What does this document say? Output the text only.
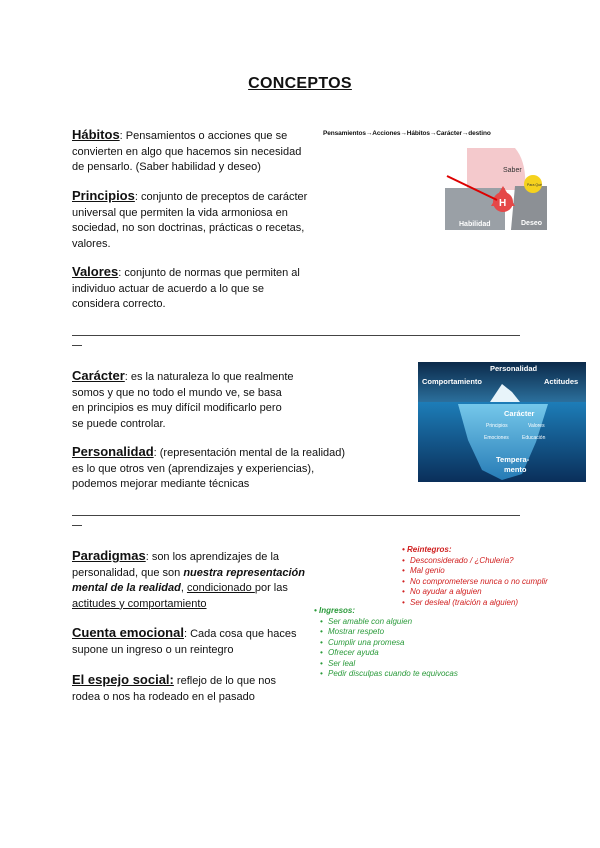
CONCEPTOS
Hábitos: Pensamientos o acciones que se
convierten en algo que hacemos sin necesidad
de pensarlo. (Saber habilidad y deseo)
Principios: conjunto de preceptos de carácter
universal que permiten la vida armoniosa en
sociedad, no son doctrinas, prácticas o recetas,
valores.
Valores: conjunto de normas que permiten al
individuo actuar de acuerdo a lo que se
considera correcto.
Pensamientos→Acciones→Hábitos→Carácter→destino
Saber
Habilidad	Deseo
H
Para Qué
Carácter: es la naturaleza lo que realmente
somos y que no todo el mundo ve, se basa
en principios es muy difícil modificarlo pero
se puede controlar.
Personalidad: (representación mental de la realidad)
es lo que otros ven (aprendizajes y experiencias),
podemos mejorar mediante técnicas
Personalidad
Comportamiento	Actitudes
Carácter
Principios	Valores
Emociones	Educación
Tempera-
mento
Paradigmas: son los aprendizajes de la
personalidad, que son nuestra representación
mental de la realidad, condicionado por las
actitudes y comportamiento
Cuenta emocional: Cada cosa que haces
supone un ingreso o un reintegro
El espejo social: reflejo de lo que nos
rodea o nos ha rodeado en el pasado
• Reintegros:
• Desconsiderado / ¿Chuleria?
• Mal genio
• No comprometerse nunca o no cumplir
• No ayudar a alguien
• Ser desleal (traición a alguien)
• Ingresos:
• Ser amable con alguien
• Mostrar respeto
• Cumplir una promesa
• Ofrecer ayuda
• Ser leal
• Pedir disculpas cuando te equivocas
